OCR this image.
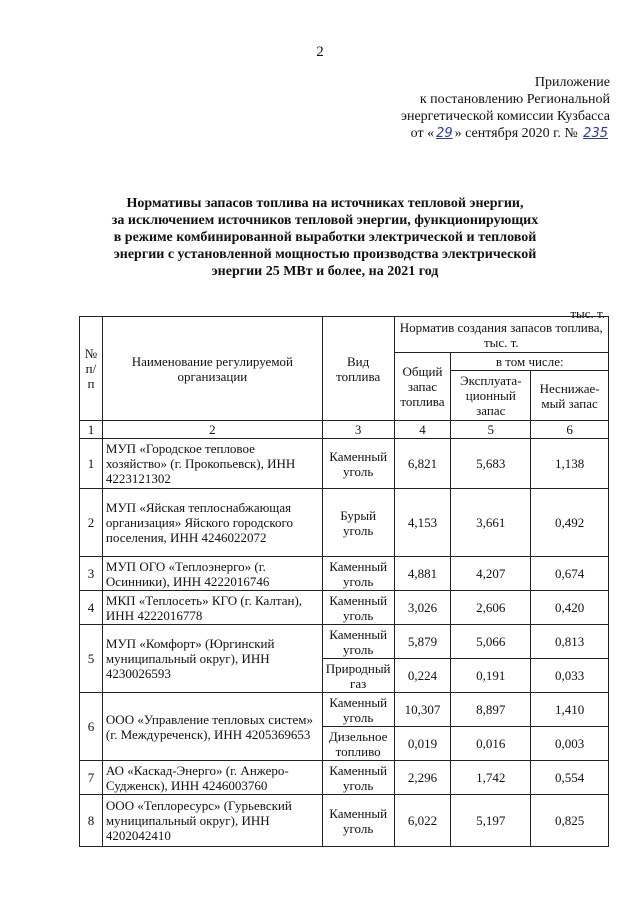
2
Приложение
к постановлению Региональной
энергетической комиссии Кузбасса
от « 29 » сентября 2020 г. № 235
Нормативы запасов топлива на источниках тепловой энергии,
за исключением источников тепловой энергии, функционирующих
в режиме комбинированной выработки электрической и тепловой
энергии с установленной мощностью производства электрической
энергии 25 МВт и более, на 2021 год
тыс. т.
№ п/п	Наименование регулируемой организации	Вид топлива	Норматив создания запасов топлива, тыс. т.		
			Общий запас топлива	в том числе:	
				Эксплуата-ционный запас	Неснижае-мый запас
1	2	3	4	5	6
1	МУП «Городское тепловое хозяйство» (г. Прокопьевск), ИНН 4223121302	Каменный уголь	6,821	5,683	1,138
2	МУП «Яйская теплоснабжающая организация» Яйского городского поселения, ИНН 4246022072	Бурый уголь	4,153	3,661	0,492
3	МУП ОГО «Теплоэнерго» (г. Осинники), ИНН 4222016746	Каменный уголь	4,881	4,207	0,674
4	МКП «Теплосеть» КГО (г. Калтан), ИНН 4222016778	Каменный уголь	3,026	2,606	0,420
5	МУП «Комфорт» (Юргинский муниципальный округ), ИНН 4230026593	Каменный уголь	5,879	5,066	0,813
		Природный газ	0,224	0,191	0,033
6	ООО «Управление тепловых систем» (г. Междуреченск), ИНН 4205369653	Каменный уголь	10,307	8,897	1,410
		Дизельное топливо	0,019	0,016	0,003
7	АО «Каскад-Энерго» (г. Анжеро-Судженск), ИНН 4246003760	Каменный уголь	2,296	1,742	0,554
8	ООО «Теплоресурс» (Гурьевский муниципальный округ), ИНН 4202042410	Каменный уголь	6,022	5,197	0,825
